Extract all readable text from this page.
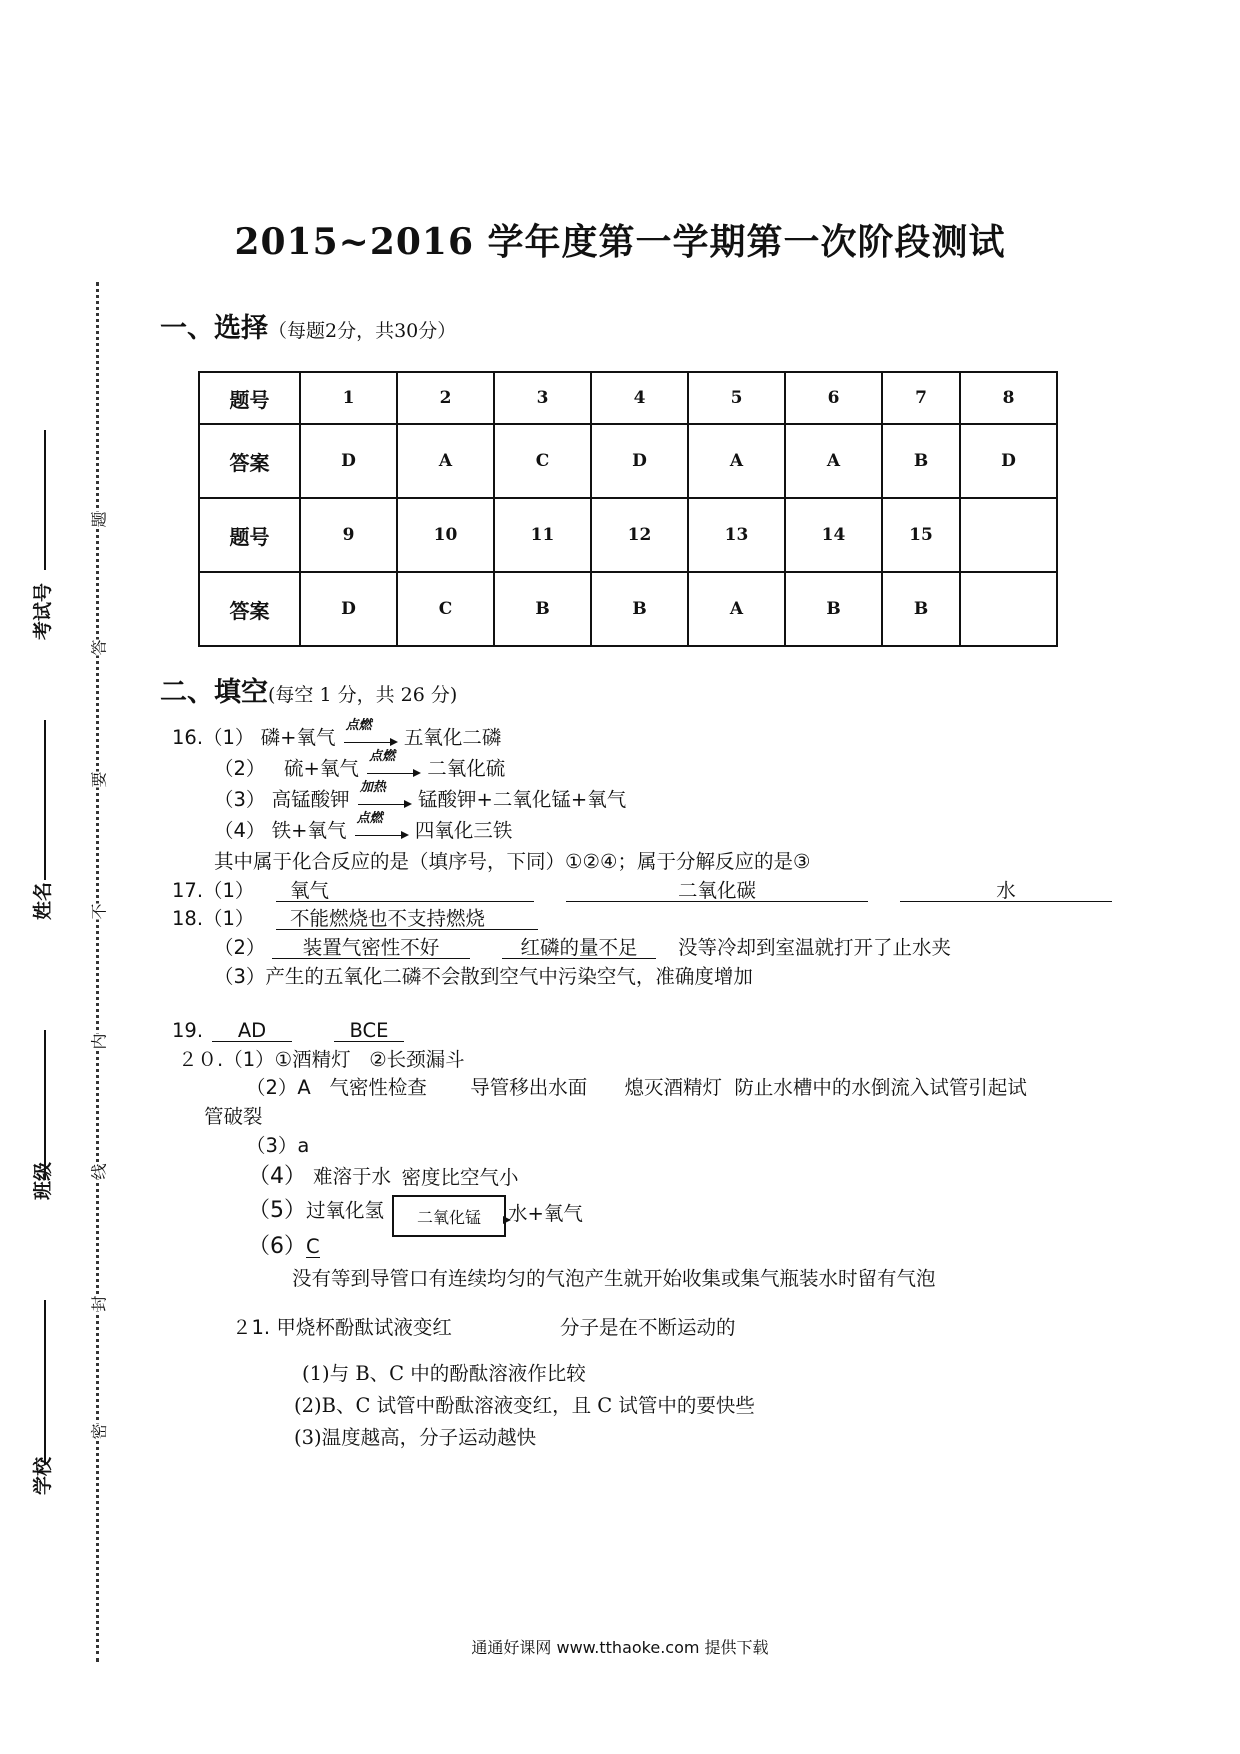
考试号
姓名
班级
学校
题
答
要
不
内
线
封
密
2015~2016 学年度第一学期第一次阶段测试
一、选择（每题2分，共30分）
题号	1	2	3	4	5	6	7	8
答案	D	A	C	D	A	A	B	D
题号	9	10	11	12	13	14	15	
答案	D	C	B	B	A	B	B	
二、填空(每空 1 分，共 26 分)
16.（1） 磷+氧气
点燃
五氧化二磷
（2） 硫+氧气
点燃
二氧化硫
（3） 高锰酸钾
加热
锰酸钾+二氧化锰+氧气
（4） 铁+氧气
点燃
四氧化三铁
其中属于化合反应的是（填序号，下同）①②④；属于分解反应的是③
17.（1）	氧气	二氧化碳	水
18.（1）	不能燃烧也不支持燃烧
（2）	装置气密性不好	红磷的量不足	没等冷却到室温就打开了止水夹
（3）产生的五氧化二磷不会散到空气中污染空气，准确度增加
19.	AD	BCE
２０.（1）①酒精灯 ②长颈漏斗
（2）A 气密性检查 导管移出水面 熄灭酒精灯 防止水槽中的水倒流入试管引起试
管破裂
（3）a
（4） 难溶于水 密度比空气小
（5）过氧化氢	二氧化锰	水+氧气
（6）C
没有等到导管口有连续均匀的气泡产生就开始收集或集气瓶装水时留有气泡
２1. 甲烧杯酚酞试液变红	分子是在不断运动的
(1)与 B、C 中的酚酞溶液作比较
(2)B、C 试管中酚酞溶液变红，且 C 试管中的要快些
(3)温度越高，分子运动越快
通通好课网 www.tthaoke.com 提供下载
